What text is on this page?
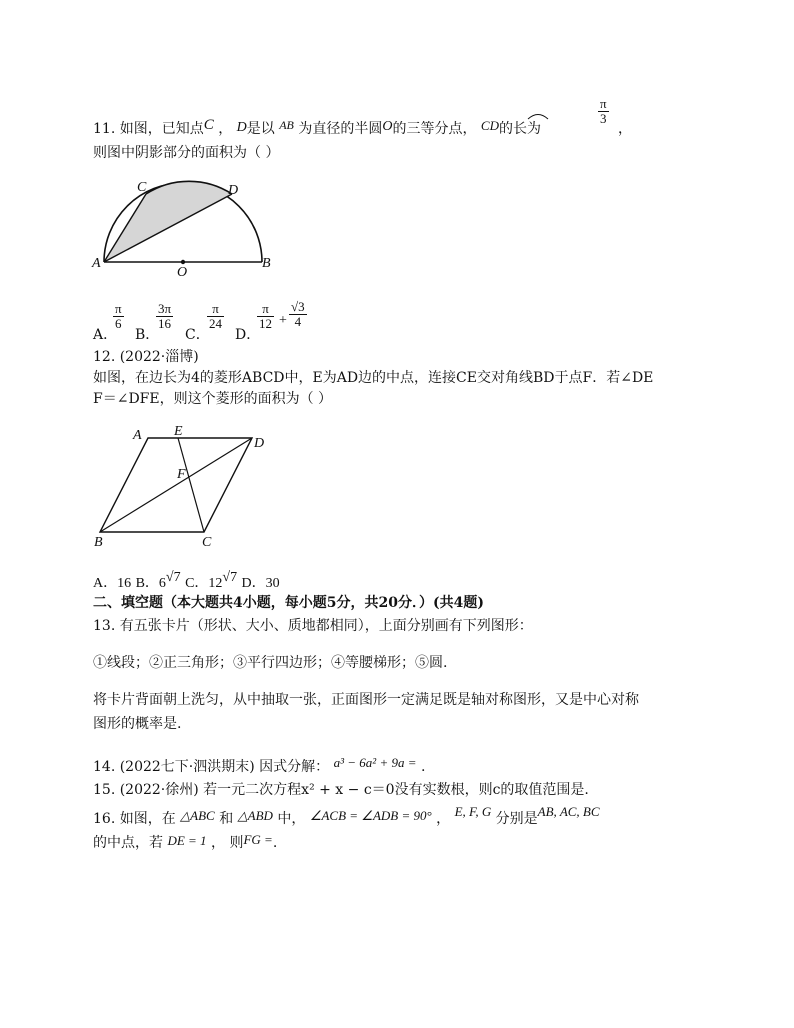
11. 如图，已知点C ， D是以 AB 为直径的半圆O的三等分点， CD的长为
$\frac{\pi}{3}$
，
则图中阴影部分的面积为（ ）
A	B
C	D
O
A．
$\frac{\pi}{6}$
B．
$\frac{3\pi}{16}$
C．
$\frac{\pi}{24}$
D．
$\frac{\pi}{12} + \frac{√3}{4}$
12. (2022·淄博)
如图，在边长为4的菱形ABCD中，E为AD边的中点，连接CE交对角线BD于点F．若∠DE
F＝∠DFE，则这个菱形的面积为（ ）
A E
D
F
B	C
A．16 B．6√7 C．12√7 D．30
二、填空题（本大题共4小题，每小题5分，共20分．）(共4题)
13. 有五张卡片（形状、大小、质地都相同），上面分别画有下列图形：
①线段；②正三角形；③平行四边形；④等腰梯形；⑤圆.
将卡片背面朝上洗匀，从中抽取一张，正面图形一定满足既是轴对称图形，又是中心对称
图形的概率是.
14. (2022七下·泗洪期末) 因式分解： a³ − 6a² + 9a = .
15. (2022·徐州) 若一元二次方程x² + x − c＝0没有实数根，则c的取值范围是.
16. 如图，在 △ABC 和 △ABD 中， ∠ACB = ∠ADB = 90° ， E, F, G 分别是AB, AC, BC
的中点，若 DE = 1 ， 则FG =.
